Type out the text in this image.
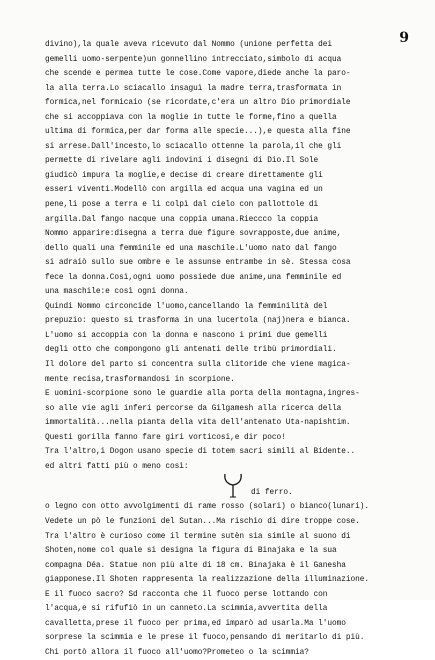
9
divino),la quale aveva ricevuto dal Nommo (unione perfetta dei
gemelli uomo-serpente)un gonnellino intrecciato,simbolo di acqua
che scende e permea tutte le cose.Come vapore,diede anche la paro-
la alla terra.Lo sciacallo insaguì la madre terra,trasformata in
formica,nel formicaio (se ricordate,c'era un altro Dio primordiale
che si accoppiava con la moglie in tutte le forme,fino a quella
ultima di formica,per dar forma alle specie...),e questa alla fine
si arrese.Dall'incesto,lo sciacallo ottenne la parola,il che gli
permette di rivelare agli indovini i disegni di Dio.Il Sole
giudicò impura la moglie,e decise di creare direttamente gli
esseri viventi.Modellò con argilla ed acqua una vagina ed un
pene,li pose a terra e li colpì dal cielo con pallottole di
argilla.Dal fango nacque una coppia umana.Rieccco la coppia
Nommo apparire:disegna a terra due figure sovrapposte,due anime,
dello quali una femminile ed una maschile.L'uomo nato dal fango
si adraiò sullo sue ombre e le assunse entrambe in sè. Stessa cosa
fece la donna.Così,ogni uomo possiede due anime,una femminile ed
una maschile:e così ogni donna.
Quindi Nommo circoncide l'uomo,cancellando la femminilità del
prepuzio: questo si trasforma in una lucertola (naj)nera e bianca.
L'uomo si accoppia con la donna e nascono i primi due gemelli
degli otto che compongono gli antenati delle tribù primordiali.
Il dolore del parto si concentra sulla clitoride che viene magica-
mente recisa,trasformandosi in scorpione.
E uomini-scorpione sono le guardie alla porta della montagna,ingres-
so alle vie agli inferi percorse da Gilgamesh alla ricerca della
immortalità...nella pianta della vita dell'antenato Uta-napishtim.
Questi gorilla fanno fare giri vorticosi,e dir poco!
Tra l'altro,i Dogon usano specie di totem sacri simili al Bidente..
ed altri fatti più o meno così:
di ferro.
o legno con otto avvolgimenti di rame rosso (solari) o bianco(lunari).
Vedete un pò le funzioni del Sutan...Ma rischio di dire troppe cose.
Tra l'altro è curioso come il termine sutèn sia simile al suono di
Shoten,nome col quale si designa la figura di Binajaka e la sua
compagna Déa. Statue non più alte di 18 cm. Binajaka è il Ganesha
giapponese.Il Shoten rappresenta la realizzazione della illuminazione.
E il fuoco sacro? Sd racconta che il fuoco perse lottando con
l'acqua,e si rifufiò in un canneto.La scimmia,avvertita della
cavalletta,prese il fuoco per prima,ed imparò ad usarla.Ma l'uomo
sorprese la scimmia e le prese il fuoco,pensando di meritarlo di più.
Chi portò allora il fuoco all'uomo?Prometeo o la scimmia?
